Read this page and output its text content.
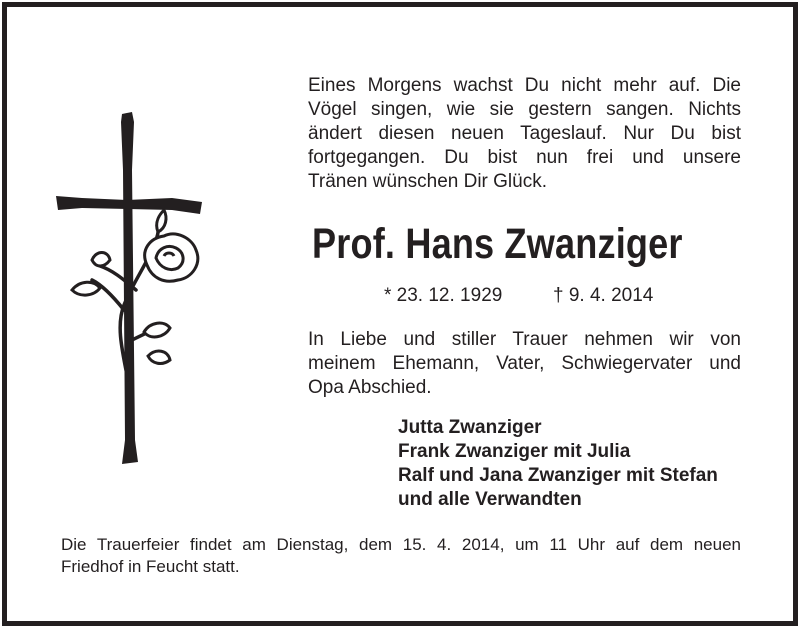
Eines Morgens wachst Du nicht mehr auf. Die
Vögel singen, wie sie gestern sangen. Nichts
ändert diesen neuen Tageslauf. Nur Du bist
fortgegangen. Du bist nun frei und unsere
Tränen wünschen Dir Glück.
Prof. Hans Zwanziger
* 23. 12. 1929	† 9. 4. 2014
In Liebe und stiller Trauer nehmen wir von
meinem Ehemann, Vater, Schwiegervater und
Opa Abschied.
Jutta Zwanziger
Frank Zwanziger mit Julia
Ralf und Jana Zwanziger mit Stefan
und alle Verwandten
Die Trauerfeier findet am Dienstag, dem 15. 4. 2014, um 11 Uhr auf dem neuen
Friedhof in Feucht statt.
